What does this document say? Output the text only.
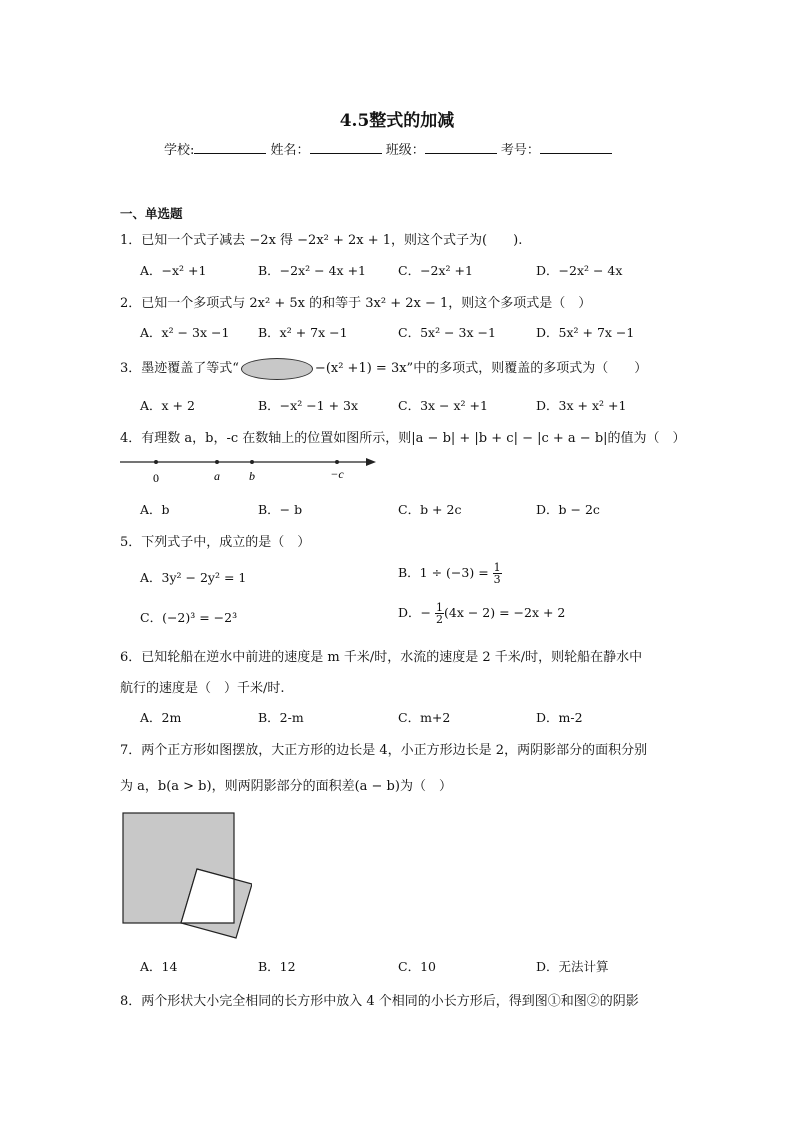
4.5整式的加减
学校:	姓名：	班级：	考号：
一、单选题
1．已知一个式子减去 −2x 得 −2x² + 2x + 1，则这个式子为(　　).
A．−x² +1	B．−2x² − 4x +1	C．−2x² +1	D．−2x² − 4x
2．已知一个多项式与 2x² + 5x 的和等于 3x² + 2x − 1，则这个多项式是（　）
A．x² − 3x −1 B．x² + 7x −1	C．5x² − 3x −1	D．5x² + 7x −1
3．墨迹覆盖了等式“	−(x² +1) = 3x”中的多项式，则覆盖的多项式为（　　）
A．x + 2	B．−x² −1 + 3x	C．3x − x² +1	D．3x + x² +1
4．有理数 a，b，-c 在数轴上的位置如图所示，则|a − b| + |b + c| − |c + a − b|的值为（　）
0	a b	−c
A．b	B．− b	C．b + 2c	D．b − 2c
5．下列式子中，成立的是（　）
A．3y² − 2y² = 1	B．$1 \div (-3) = \frac{1}{3}$
C．(−2)³ = −2³	D．− $\frac{1}{2} (4x - 2) = -2x + 2$
6．已知轮船在逆水中前进的速度是 m 千米/时，水流的速度是 2 千米/时，则轮船在静水中
航行的速度是（　）千米/时.
A．2m	B．2-m	C．m+2	D．m-2
7．两个正方形如图摆放，大正方形的边长是 4，小正方形边长是 2，两阴影部分的面积分别
为 a，b(a > b)，则两阴影部分的面积差(a − b)为（　）
A．14	B．12	C．10	D．无法计算
8．两个形状大小完全相同的长方形中放入 4 个相同的小长方形后，得到图①和图②的阴影
